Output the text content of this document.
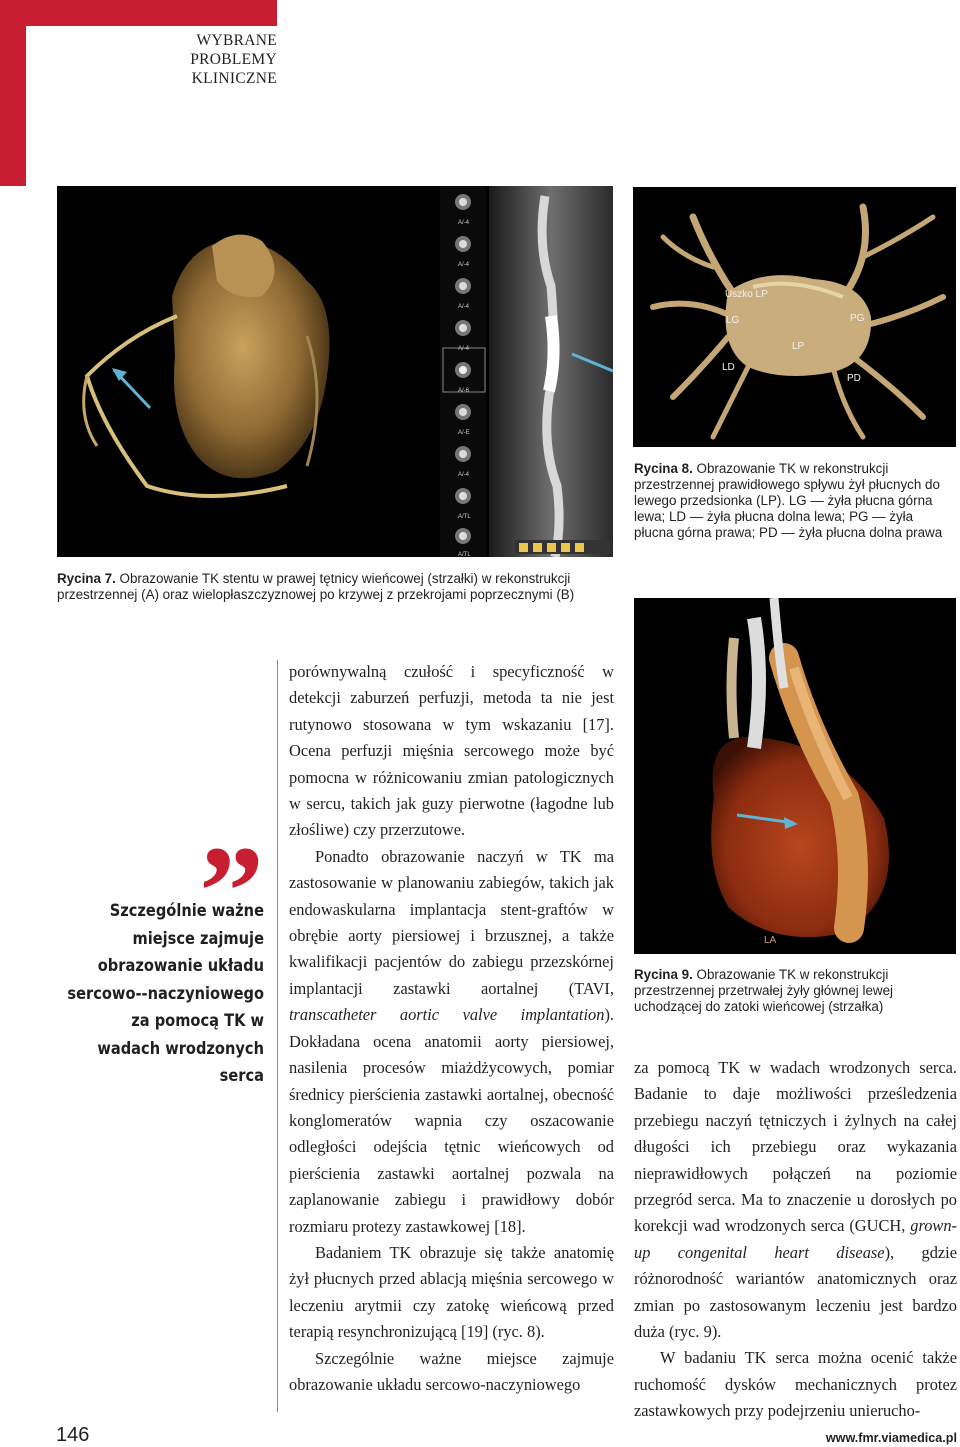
WYBRANE
PROBLEMY
KLINICZNE
A/-4
A/-4
A/-4
A/-4
A/-6
A/-E
A/-4
A/TL
A/TL
Rycina 7. Obrazowanie TK stentu w prawej tętnicy wieńcowej (strzałki) w rekonstrukcji przestrzennej (A) oraz wielopłaszczyznowej po krzywej z przekrojami poprzecznymi (B)
Uszko LP
LG	PG
LP
LD
PD
Rycina 8. Obrazowanie TK w rekonstrukcji przestrzennej prawidłowego spływu żył płucnych do lewego przedsionka (LP). LG — żyła płucna górna lewa; LD — żyła płucna dolna lewa; PG — żyła płucna górna prawa; PD — żyła płucna dolna prawa
LA
Rycina 9. Obrazowanie TK w rekonstrukcji przestrzennej przetrwałej żyły głównej lewej uchodzącej do zatoki wieńcowej (strzałka)
Szczególnie ważne miejsce zajmuje obrazowanie układu sercowo--naczyniowego za pomocą TK w wadach wrodzonych serca

porównywalną czułość i specyficzność w detekcji zaburzeń perfuzji, metoda ta nie jest rutynowo stosowana w tym wskazaniu [17]. Ocena perfuzji mięśnia sercowego może być pomocna w różnicowaniu zmian patologicznych w sercu, takich jak guzy pierwotne (łagodne lub złośliwe) czy przerzutowe.

Ponadto obrazowanie naczyń w TK ma zastosowanie w planowaniu zabiegów, takich jak endowaskularna implantacja stent-graftów w obrębie aorty piersiowej i brzusznej, a także kwalifikacji pacjentów do zabiegu przezskórnej implantacji zastawki aortalnej (TAVI, transcatheter aortic valve implantation). Dokładana ocena anatomii aorty piersiowej, nasilenia procesów miażdżycowych, pomiar średnicy pierścienia zastawki aortalnej, obecność konglomeratów wapnia czy oszacowanie odległości odejścia tętnic wieńcowych od pierścienia zastawki aortalnej pozwala na zaplanowanie zabiegu i prawidłowy dobór rozmiaru protezy zastawkowej [18].

Badaniem TK obrazuje się także anatomię żył płucnych przed ablacją mięśnia sercowego w leczeniu arytmii czy zatokę wieńcową przed terapią resynchronizującą [19] (ryc. 8).

Szczególnie ważne miejsce zajmuje obrazowanie układu sercowo-naczyniowego

za pomocą TK w wadach wrodzonych serca. Badanie to daje możliwości prześledzenia przebiegu naczyń tętniczych i żylnych na całej długości ich przebiegu oraz wykazania nieprawidłowych połączeń na poziomie przegród serca. Ma to znaczenie u dorosłych po korekcji wad wrodzonych serca (GUCH, grown-up congenital heart disease), gdzie różnorodność wariantów anatomicznych oraz zmian po zastosowanym leczeniu jest bardzo duża (ryc. 9).

W badaniu TK serca można ocenić także ruchomość dysków mechanicznych protez zastawkowych przy podejrzeniu unierucho-

146	www.fmr.viamedica.pl
